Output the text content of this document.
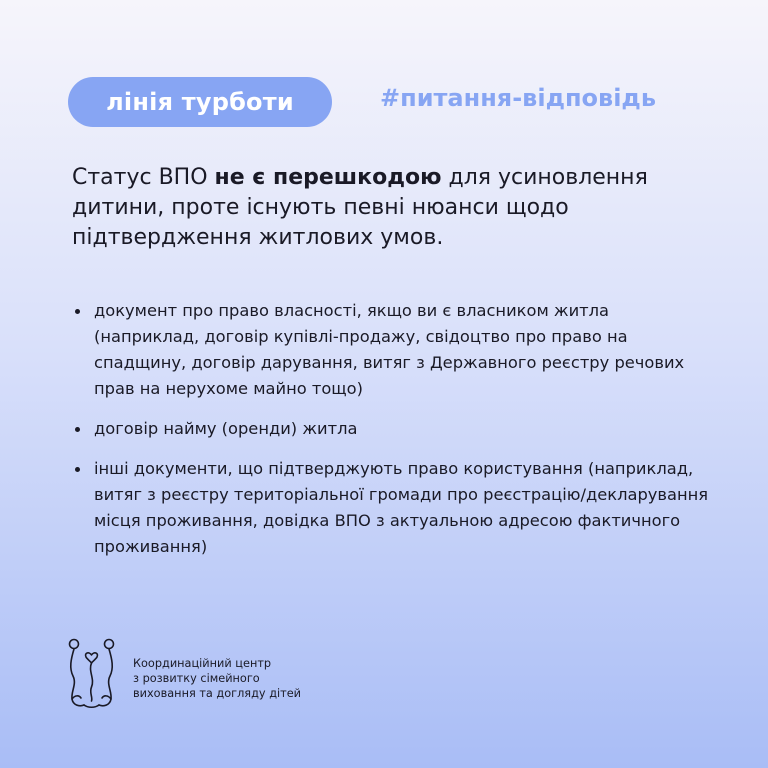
лінія турботи	#питання-відповідь

Статус ВПО не є перешкодою для усиновлення дитини, проте існують певні нюанси щодо підтвердження житлових умов.

документ про право власності, якщо ви є власником житла (наприклад, договір купівлі-продажу, свідоцтво про право на спадщину, договір дарування, витяг з Державного реєстру речових прав на нерухоме майно тощо)
договір найму (оренди) житла
інші документи, що підтверджують право користування (наприклад, витяг з реєстру територіальної громади про реєстрацію/декларування місця проживання, довідка ВПО з актуальною адресою фактичного проживання)
Координаційний центр
з розвитку сімейного
виховання та догляду дітей
